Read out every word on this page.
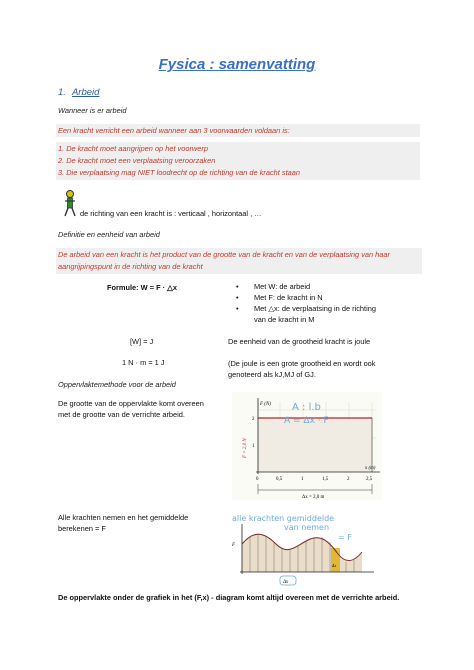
Fysica : samenvatting
1. Arbeid
Wanneer is er arbeid
Een kracht verricht een arbeid wanneer aan 3 voorwaarden voldaan is:
1. De kracht moet aangrijpen op het voorwerp
2. De kracht moet een verplaatsing veroorzaken
3. Die verplaatsing mag NIET loodrecht op de richting van de kracht staan
de richting van een kracht is : verticaal , horizontaal , …
Definitie en eenheid van arbeid
De arbeid van een kracht is het product van de grootte van de kracht en van de verplaatsing van haar
aangrijpingspunt in de richting van de kracht
Formule: W = F · △x
•	Met W: de arbeid
• Met F: de kracht in N
• Met △x: de verplaatsing in de richting
van de kracht in M
[W] = J	De eenheid van de grootheid kracht is joule
1 N · m = 1 J	(De joule is een grote grootheid en wordt ook
genoteerd als kJ,MJ of GJ.
Oppervlaktemethode voor de arbeid
De grootte van de oppervlakte komt overeen
met de grootte van de verrichte arbeid.
F (N)
x (m)
2
1
0	0,5	1	1,5	2	2,5
F = 2,0 N
A : l.b
A = Δx · F
Δx = 2,0 m
Alle krachten nemen en het gemiddelde
berekenen = F
F
alle krachten gemiddelde
van nemen
= F
Δx
Δx
De oppervlakte onder de grafiek in het (F,x) - diagram komt altijd overeen met de verrichte arbeid.
